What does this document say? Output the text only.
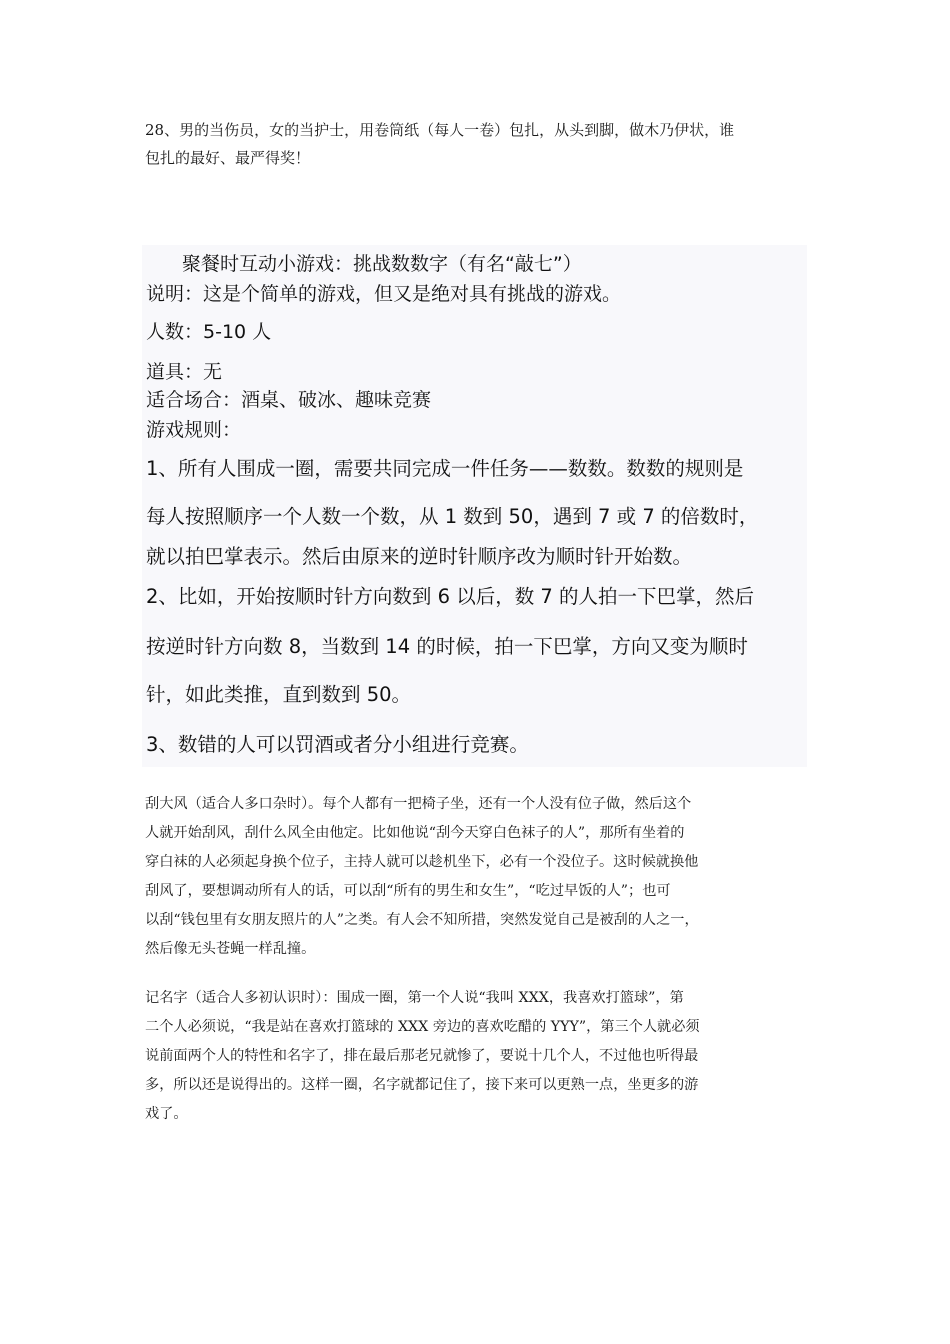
28、男的当伤员，女的当护士，用卷筒纸（每人一卷）包扎，从头到脚，做木乃伊状，谁
包扎的最好、最严得奖！

聚餐时互动小游戏：挑战数数字（有名“敲七”）

说明：这是个简单的游戏，但又是绝对具有挑战的游戏。

人数：5-10 人

道具：无

适合场合：酒桌、破冰、趣味竞赛

游戏规则：

1、所有人围成一圈，需要共同完成一件任务——数数。数数的规则是

每人按照顺序一个人数一个数，从 1 数到 50，遇到 7 或 7 的倍数时，

就以拍巴掌表示。然后由原来的逆时针顺序改为顺时针开始数。

2、比如，开始按顺时针方向数到 6 以后，数 7 的人拍一下巴掌，然后

按逆时针方向数 8，当数到 14 的时候，拍一下巴掌，方向又变为顺时

针，如此类推，直到数到 50。

3、数错的人可以罚酒或者分小组进行竞赛。

刮大风（适合人多口杂时）。每个人都有一把椅子坐，还有一个人没有位子做，然后这个
人就开始刮风，刮什么风全由他定。比如他说“刮今天穿白色袜子的人”，那所有坐着的
穿白袜的人必须起身换个位子，主持人就可以趁机坐下，必有一个没位子。这时候就换他
刮风了，要想调动所有人的话，可以刮“所有的男生和女生”，“吃过早饭的人”；也可
以刮“钱包里有女朋友照片的人”之类。有人会不知所措，突然发觉自己是被刮的人之一，
然后像无头苍蝇一样乱撞。

记名字（适合人多初认识时）：围成一圈，第一个人说“我叫 XXX，我喜欢打篮球”，第
二个人必须说，“我是站在喜欢打篮球的 XXX 旁边的喜欢吃醋的 YYY”，第三个人就必须
说前面两个人的特性和名字了，排在最后那老兄就惨了，要说十几个人，不过他也听得最
多，所以还是说得出的。这样一圈，名字就都记住了，接下来可以更熟一点，坐更多的游
戏了。
